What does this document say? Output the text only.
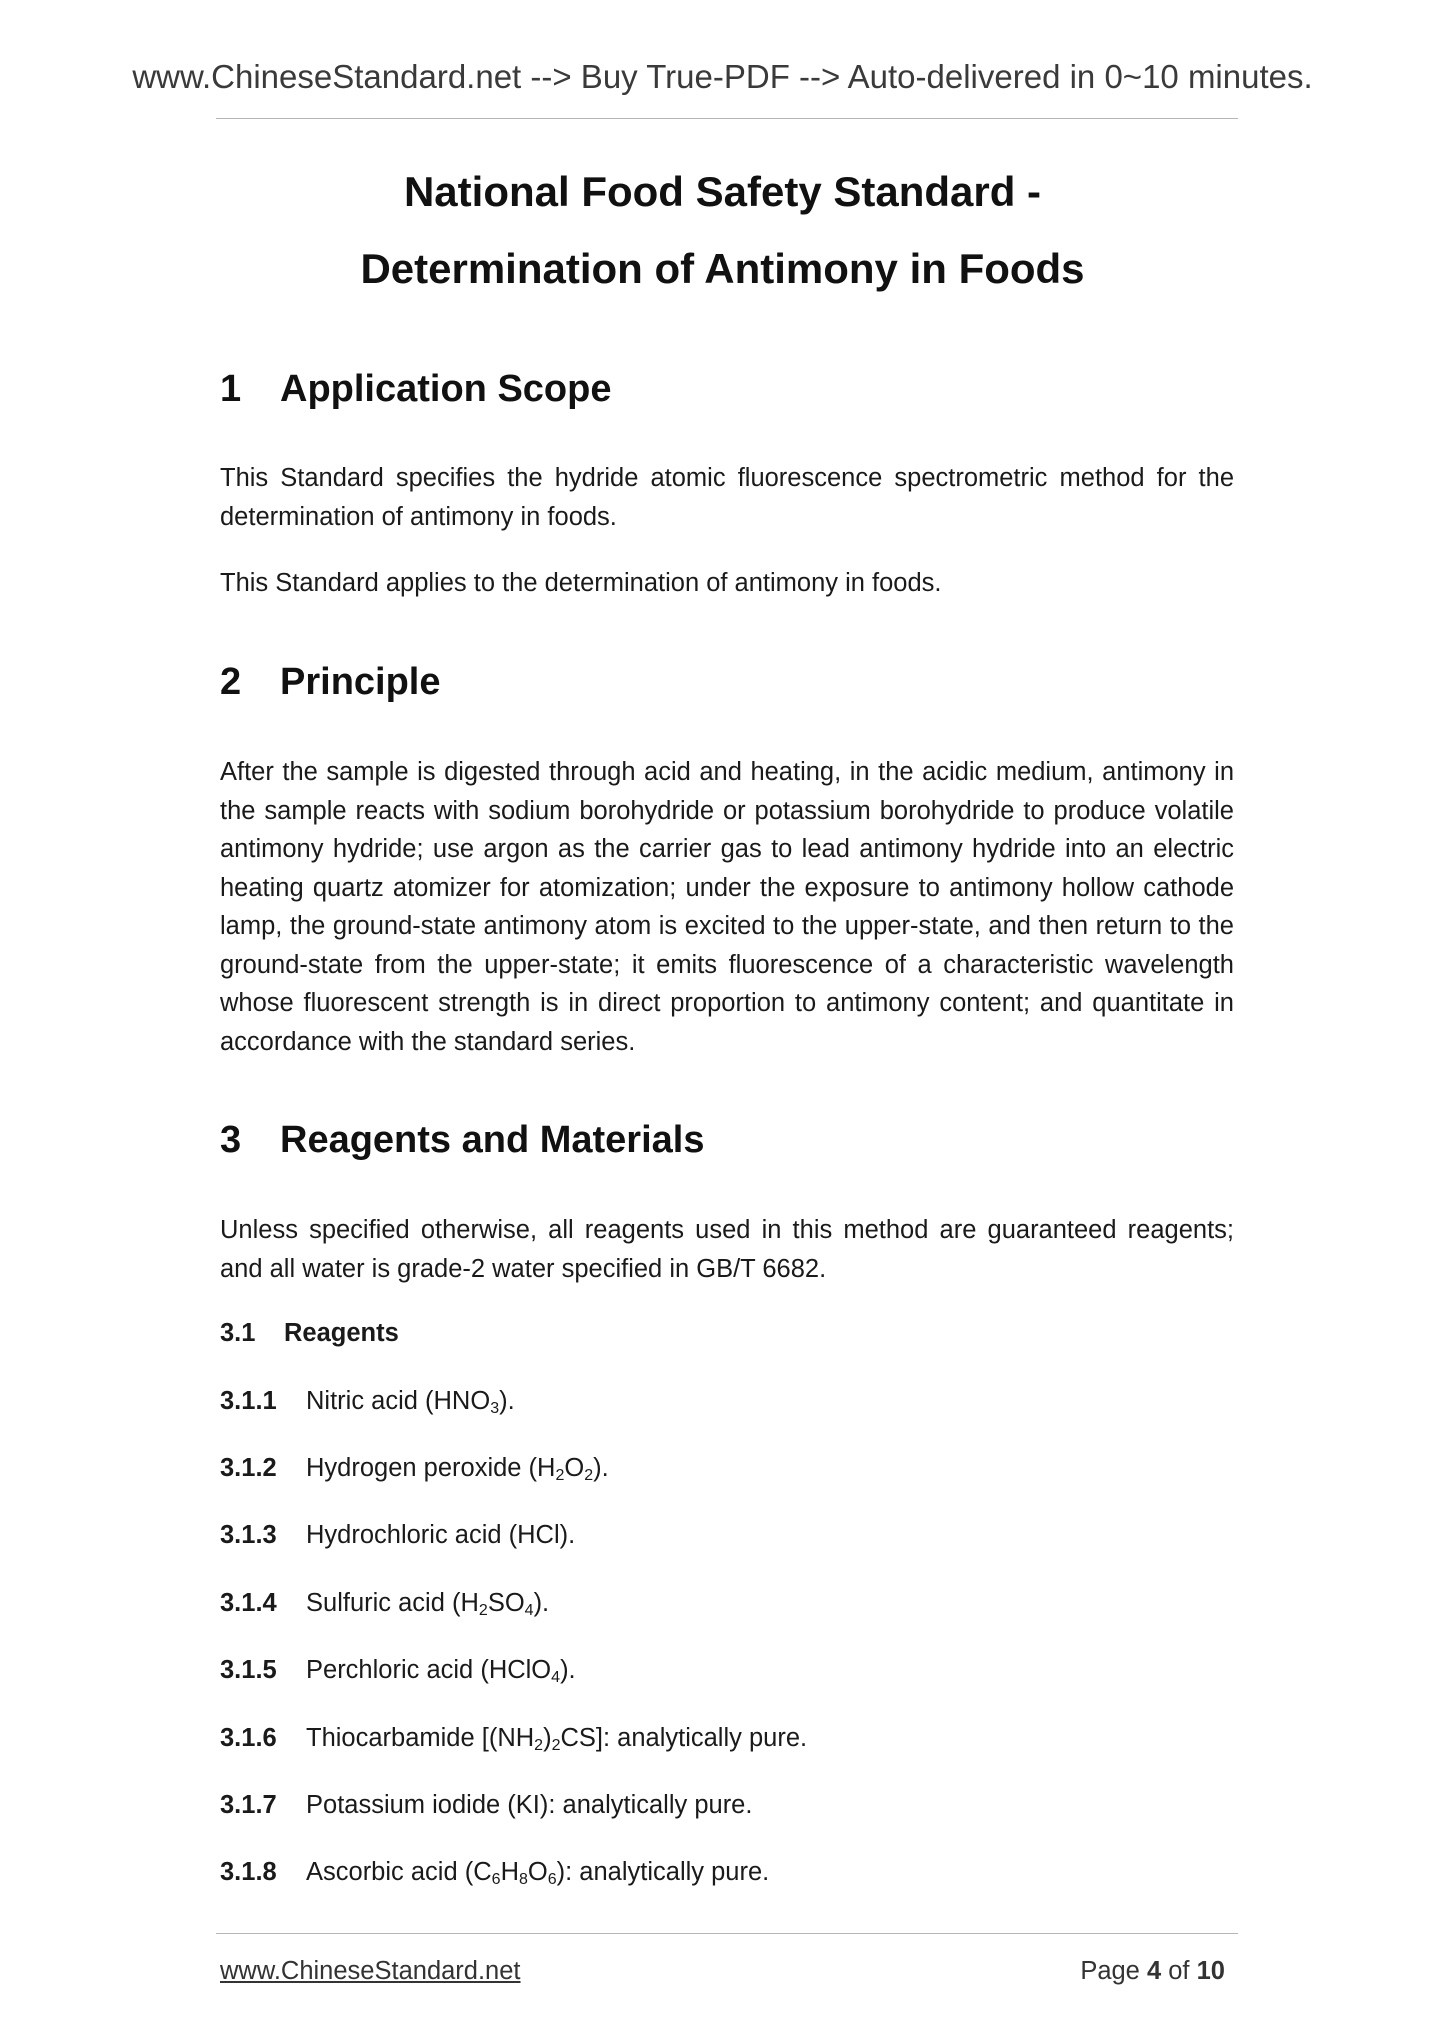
www.ChineseStandard.net --> Buy True-PDF --> Auto-delivered in 0~10 minutes.
National Food Safety Standard -
Determination of Antimony in Foods
1 Application Scope

This Standard specifies the hydride atomic fluorescence spectrometric method for the determination of antimony in foods.

This Standard applies to the determination of antimony in foods.

2 Principle

After the sample is digested through acid and heating, in the acidic medium, antimony in the sample reacts with sodium borohydride or potassium borohydride to produce volatile antimony hydride; use argon as the carrier gas to lead antimony hydride into an electric heating quartz atomizer for atomization; under the exposure to antimony hollow cathode lamp, the ground-state antimony atom is excited to the upper-state, and then return to the ground-state from the upper-state; it emits fluorescence of a characteristic wavelength whose fluorescent strength is in direct proportion to antimony content; and quantitate in accordance with the standard series.

3 Reagents and Materials

Unless specified otherwise, all reagents used in this method are guaranteed reagents; and all water is grade-2 water specified in GB/T 6682.

3.1 Reagents
3.1.1 Nitric acid $(HNO_3)$.
3.1.2 Hydrogen peroxide $(H_2O_2)$.
3.1.3 Hydrochloric acid (HCl).
3.1.4 Sulfuric acid $(H_2SO_4)$.
3.1.5 Perchloric acid (HClO$_4$).
3.1.6 Thiocarbamide $[(NH_2)_2CS]$: analytically pure.
3.1.7 Potassium iodide (KI): analytically pure.
3.1.8 Ascorbic acid $(C_6H_8O_6)$: analytically pure.
www.ChineseStandard.net	Page 4 of 10
